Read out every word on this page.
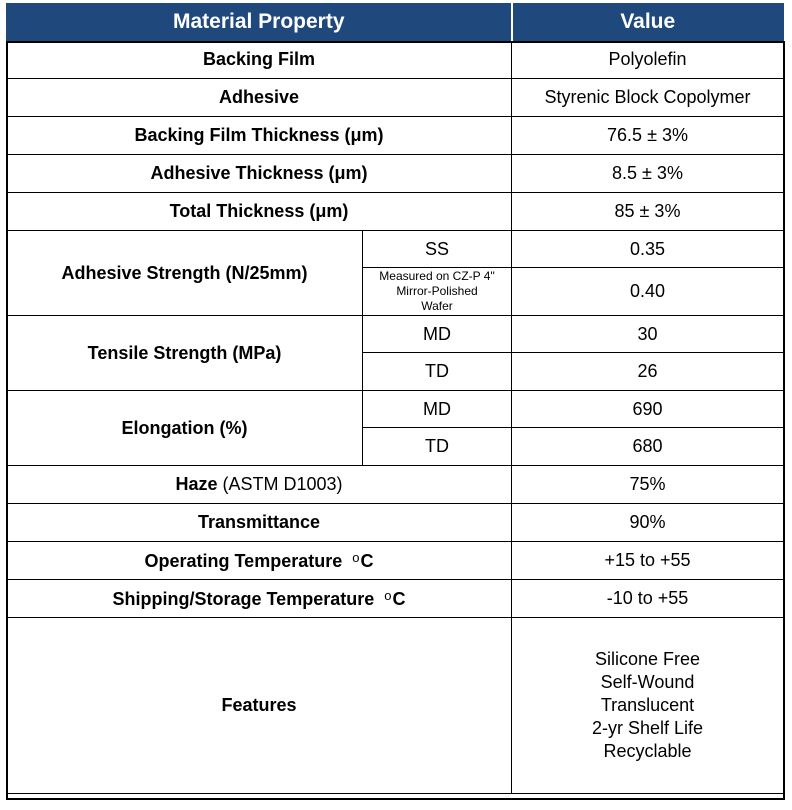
Material Property		Value
Backing Film		Polyolefin
Adhesive		Styrenic Block Copolymer
Backing Film Thickness (μm)		76.5 ± 3%
Adhesive Thickness (μm)		8.5 ± 3%
Total Thickness (μm)		85 ± 3%
Adhesive Strength (N/25mm)	SS	0.35

	Measured on CZ-P 4"
Mirror-Polished
Wafer	0.40
Tensile Strength (MPa)	MD	30
	TD	26
Elongation (%)	MD	690
	TD	680
Haze (ASTM D1003)		75%
Transmittance		90%
Operating Temperature $^o$C		+15 to +55
Shipping/Storage Temperature $^o$C		-10 to +55
Features		Silicone Free
Self-Wound
Translucent
2-yr Shelf Life
Recyclable
